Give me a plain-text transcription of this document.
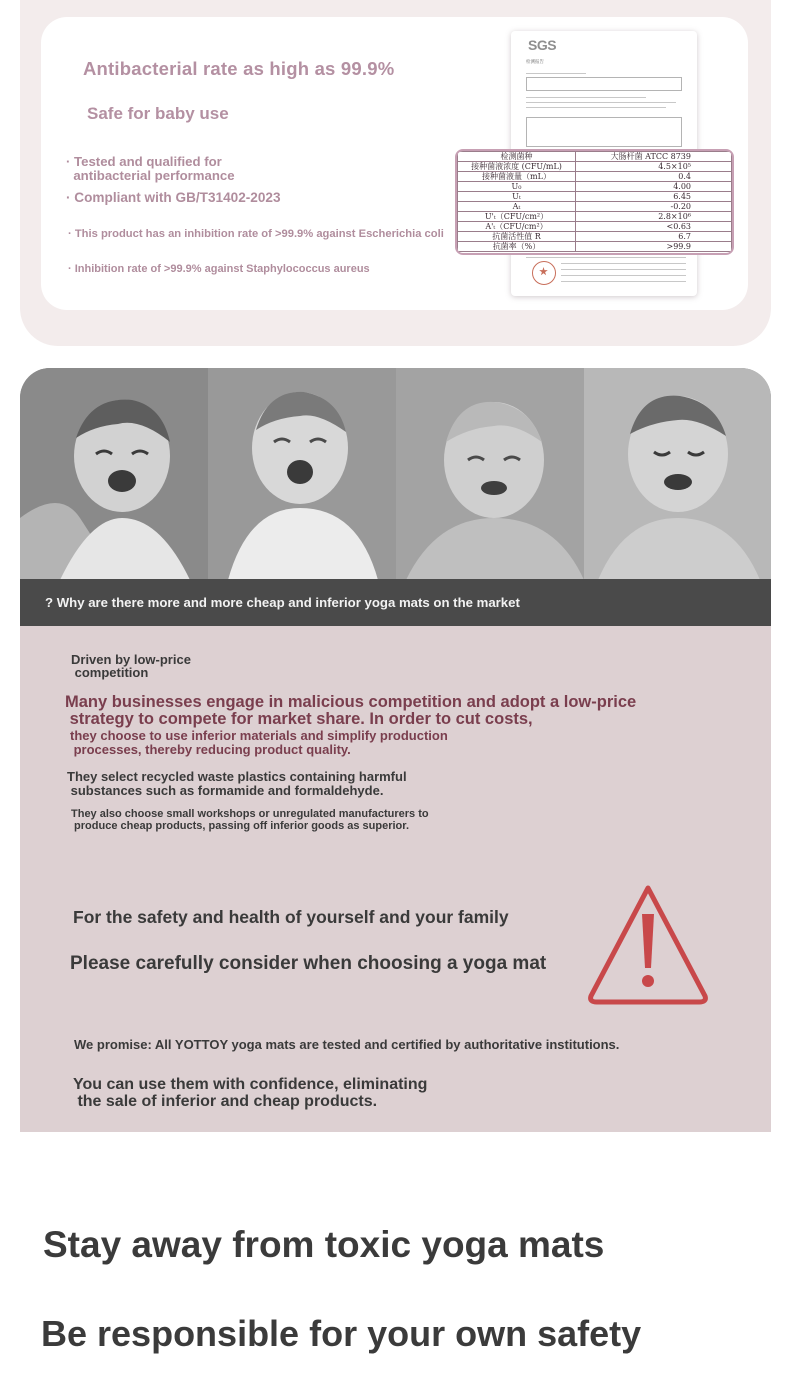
Antibacterial rate as high as 99.9%
Safe for baby use
· Tested and qualified for
antibacterial performance
· Compliant with GB/T31402-2023
· This product has an inhibition rate of >99.9% against Escherichia coli
· Inhibition rate of >99.9% against Staphylococcus aureus
SGS
检测报告
检测菌种	大肠杆菌 ATCC 8739
接种菌液浓度 (CFU/mL)	4.5×10⁵
接种菌液量（mL）	0.4
U₀	4.00
Uₜ	6.45
Aₜ	-0.20
U'ₜ（CFU/cm²）	2.8×10⁶
A'ₜ（CFU/cm²）	<0.63
抗菌活性值 R	6.7
抗菌率（%）	>99.9
? Why are there more and more cheap and inferior yoga mats on the market
Driven by low-price
competition
Many businesses engage in malicious competition and adopt a low-price
strategy to compete for market share. In order to cut costs,
they choose to use inferior materials and simplify production
processes, thereby reducing product quality.
They select recycled waste plastics containing harmful
substances such as formamide and formaldehyde.
They also choose small workshops or unregulated manufacturers to
produce cheap products, passing off inferior goods as superior.
For the safety and health of yourself and your family
Please carefully consider when choosing a yoga mat
We promise: All YOTTOY yoga mats are tested and certified by authoritative institutions.
You can use them with confidence, eliminating
the sale of inferior and cheap products.
Stay away from toxic yoga mats
Be responsible for your own safety
